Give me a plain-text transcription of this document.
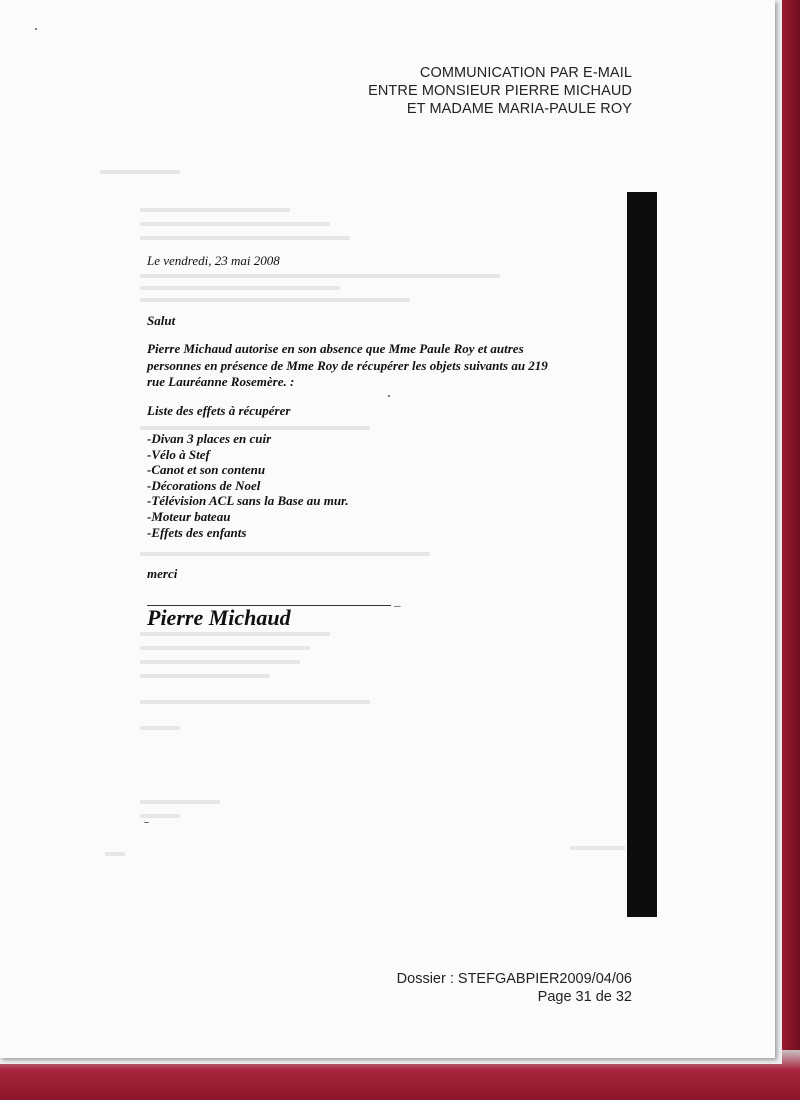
COMMUNICATION PAR E-MAIL
ENTRE MONSIEUR PIERRE MICHAUD
ET MADAME MARIA-PAULE ROY
Le vendredi, 23 mai 2008
Salut
Pierre Michaud autorise en son absence que Mme Paule Roy et autres personnes en présence de Mme Roy de récupérer les objets suivants au 219 rue Lauréanne Rosemère. :
Liste des effets à récupérer
-Divan 3 places en cuir
-Vélo à Stef
-Canot et son contenu
-Décorations de Noel
-Télévision ACL sans la Base au mur.
-Moteur bateau
-Effets des enfants
merci
_
Pierre Michaud
Dossier : STEFGABPIER2009/04/06
Page 31 de 32
